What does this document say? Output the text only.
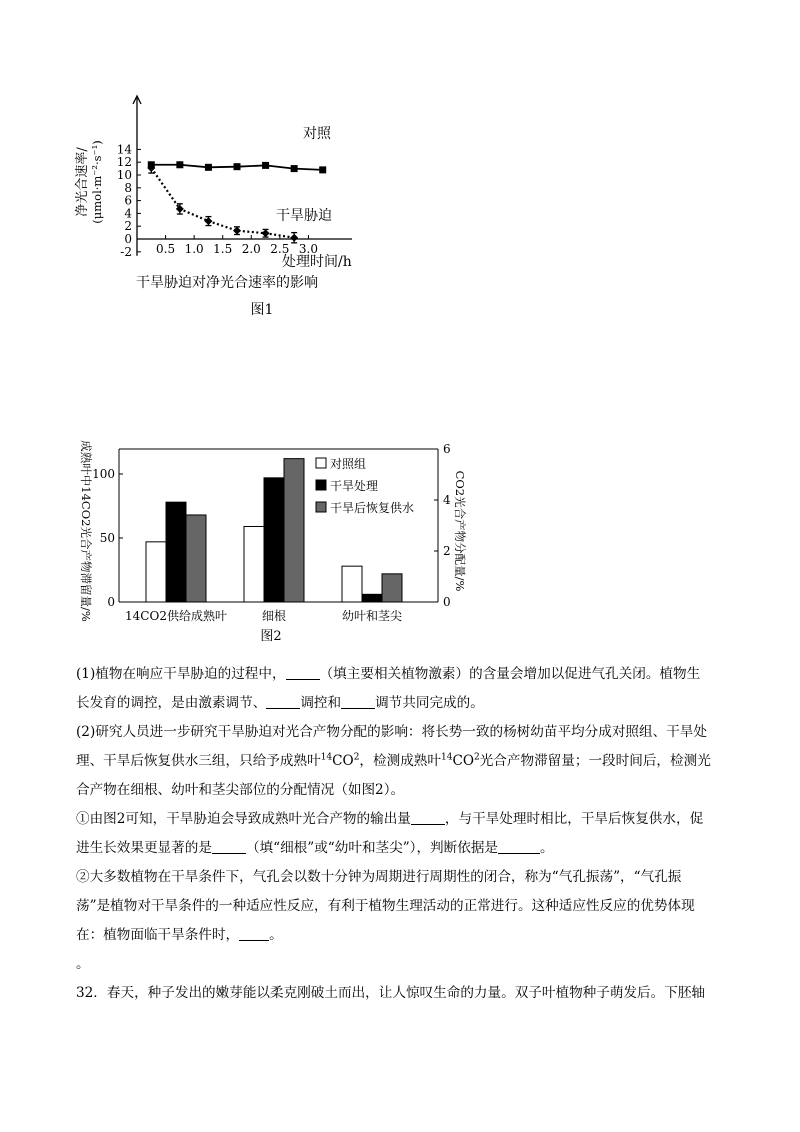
净光合速率/ (μmol·m⁻²·s⁻¹)
-2
0
2
4
6
8
10
12
14
0.5 1.0 1.5 2.0 2.5 3.0
对照
干旱胁迫
处理时间/h
干旱胁迫对净光合速率的影响
图1
成熟叶中14CO2光合产物滞留量/%	CO2光合产物分配量/%
0
50
100
0
2
4
6
14CO2供给成熟叶	细根	幼叶和茎尖
对照组
干旱处理
干旱后恢复供水
图2

(1)植物在响应干旱胁迫的过程中，	（填主要相关植物激素）的含量会增加以促进气孔关闭。植物生

长发育的调控，是由激素调节、	调控和	调节共同完成的。

(2)研究人员进一步研究干旱胁迫对光合产物分配的影响：将长势一致的杨树幼苗平均分成对照组、干旱处

理、干旱后恢复供水三组，只给予成熟叶$^{14}CO^2$，检测成熟叶$^{14}CO^2$光合产物滞留量；一段时间后，检测光

合产物在细根、幼叶和茎尖部位的分配情况（如图2）。

①由图2可知，干旱胁迫会导致成熟叶光合产物的输出量	，与干旱处理时相比，干旱后恢复供水，促

进生长效果更显著的是	（填“细根”或“幼叶和茎尖”），判断依据是	。

②大多数植物在干旱条件下，气孔会以数十分钟为周期进行周期性的闭合，称为“气孔振荡”，“气孔振

荡”是植物对干旱条件的一种适应性反应，有利于植物生理活动的正常进行。这种适应性反应的优势体现

在：植物面临干旱条件时， 。

。

32．春天，种子发出的嫩芽能以柔克刚破土而出，让人惊叹生命的力量。双子叶植物种子萌发后。下胚轴
